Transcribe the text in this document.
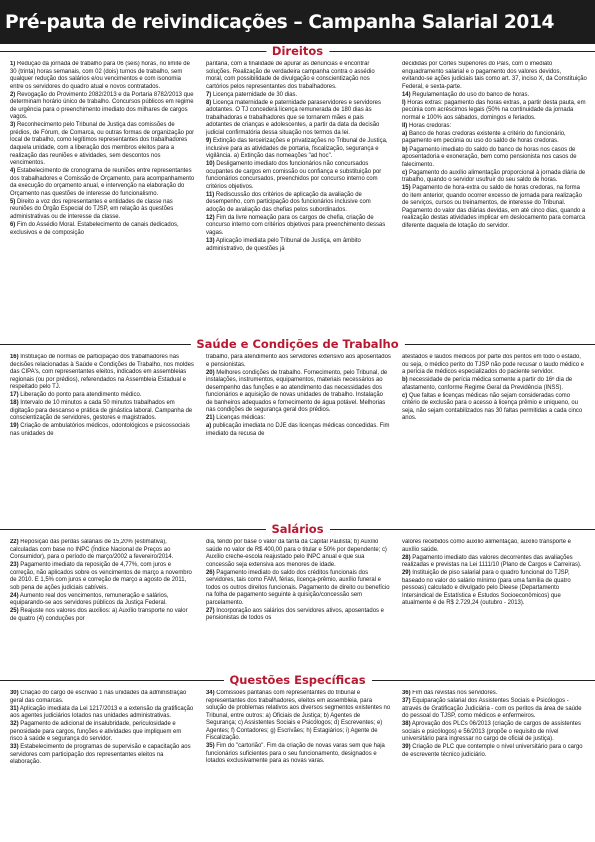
Pré-pauta de reivindicações – Campanha Salarial 2014
Direitos
1) Redução da jornada de trabalho para 06 (seis) horas, no limite de 30 (trinta) horas semanais, com 02 (dois) turnos de trabalho, sem qualquer redução dos salários e/ou vencimentos e com isonomia entre os servidores do quadro atual e novos contratados.
2) Revogação do Provimento 2082/2013 e da Portaria 8782/2013 que determinam horário único de trabalho. Concursos públicos em regime de urgência para o preenchimento imediato dos milhares de cargos vagos.
3) Reconhecimento pelo Tribunal de Justiça das comissões de prédios, de Fórum, de Comarca, ou outras formas de organização por local de trabalho, como legítimos representantes dos trabalhadores daquela unidade, com a liberação dos membros eleitos para a realização das reuniões e atividades, sem descontos nos vencimentos.
4) Estabelecimento de cronograma de reuniões entre representantes dos trabalhadores e Comissão de Orçamento, para acompanhamento da execução do orçamento anual, e intervenção na elaboração do Orçamento nas questões de interesse do funcionalismo.
5) Direito a voz dos representantes e entidades de classe nas reuniões do Órgão Especial do TJSP, em relação às questões administrativas ou de interesse da classe.
6) Fim do Assédio Moral. Estabelecimento de canais dedicados, exclusivos e de composição
paritária, com a finalidade de apurar as denúncias e encontrar soluções. Realização de verdadeira campanha contra o assédio moral, com possibilidade de divulgação e conscientização nos cartórios pelos representantes dos trabalhadores.
7) Licença paternidade de 30 dias.
8) Licença maternidade e paternidade paraservidores e servidores adotantes. O TJ concederá licença remunerada de 180 dias às trabalhadoras e trabalhadores que se tornarem mães e pais adotantes de crianças e adolescentes, a partir da data da decisão judicial confirmatória dessa situação nos termos da lei.
9) Extinção das terceirizações e privatizações no Tribunal de Justiça, inclusive para as atividades de portaria, fiscalização, segurança e vigilância. a) Extinção das nomeações "ad hoc".
10) Desligamento imediato dos funcionários não concursados ocupantes de cargos em comissão ou confiança e substituição por funcionários concursados, preenchidos por concurso interno com critérios objetivos.
11) Rediscussão dos critérios de aplicação da avaliação de desempenho, com participação dos funcionários inclusive com adoção de avaliação das chefias pelos subordinados.
12) Fim da livre nomeação para os cargos de chefia, criação de concurso interno com critérios objetivos para preenchimento dessas vagas.
13) Aplicação imediata pelo Tribunal de Justiça, em âmbito administrativo, de questões já
decididas por Cortes Superiores do País, com o imediato enquadramento salarial e o pagamento dos valores devidos, evitando-se ações judiciais tais como art. 37, inciso X, da Constituição Federal, e sexta-parte.
14) Regulamentação do uso do banco de horas.
I) Horas extras: pagamento das horas extras, a partir desta pauta, em pecúnia com acréscimos legais (50% na continuidade da jornada normal e 100% aos sábados, domingos e feriados.
II) Horas credoras:
a) Banco de horas credoras existente a critério do funcionário, pagamento em pecúnia ou uso do saldo de horas credoras.
b) Pagamento imediato do saldo do banco de horas nos casos de aposentadoria e exoneração, bem como pensionista nos casos de falecimento.
c) Pagamento do auxílio alimentação proporcional à jornada diária de trabalho, quando o servidor usufruir do seu saldo de horas.
15) Pagamento de hora-extra ou saldo de horas credoras, na forma do item anterior, quando ocorrer excesso de jornada para realização de serviços, cursos ou treinamentos, de interesse do Tribunal. Pagamento do valor das diárias devidas, em até cinco dias, quando a realização destas atividades implicar em deslocamento para comarca diferente daquela de lotação do servidor.
Saúde e Condições de Trabalho
16) Instituição de normas de participação dos trabalhadores nas decisões relacionadas à Saúde e Condições de Trabalho, nos moldes das CIPA's, com representantes eleitos, indicados em assembleias regionais (ou por prédios), referendados na Assembleia Estadual e respeitado pelo TJ.
17) Liberação do ponto para atendimento médico.
18) Intervalo de 10 minutos a cada 50 minutos trabalhados em digitação para descanso e prática de ginástica laboral. Campanha de conscientização de servidores, gestores e magistrados.
19) Criação de ambulatórios médicos, odontológicos e psicossociais nas unidades de
trabalho, para atendimento aos servidores extensivo aos aposentados e pensionistas.
20) Melhores condições de trabalho. Fornecimento, pelo Tribunal, de instalações, instrumentos, equipamentos, materiais necessários ao desempenho das funções e ao atendimento das necessidades dos funcionários e aquisição de novas unidades de trabalho. Instalação de banheiros adequados e fornecimento de água potável. Melhorias nas condições de segurança geral dos prédios.
21) Licenças médicas:
a) publicação imediata no DJE das licenças médicas concedidas. Fim imediato da recusa de
atestados e laudos médicos por parte dos peritos em todo o estado, ou seja, o médico perito do TJSP não pode recusar o laudo médico e a perícia de médicos especializados do paciente servidor.
b) necessidade de perícia médica somente a partir do 16º dia de afastamento, conforme Regime Geral da Previdência (INSS).
c) Que faltas e licenças médicas não sejam consideradas como critério de exclusão para o acesso à licença prêmio e uniqueno, ou seja, não sejam contabilizados nas 30 faltas permitidas a cada cinco anos.
Salários
22) Reposição das perdas salariais de 15,20% (estimativa), calculadas com base no INPC (Índice Nacional de Preços ao Consumidor), para o período de março/2002 a fevereiro/2014.
23) Pagamento imediato da reposição de 4,77%, com juros e correção, não aplicados sobre os vencimentos de março a novembro de 2010. E 1,5% com juros e correção de março a agosto de 2011, sob pena de ações judiciais cabíveis.
24) Aumento real dos vencimentos, remuneração e salários, equiparando-se aos servidores públicos da Justiça Federal.
25) Reajuste nos valores dos auxílios: a) Auxílio transporte no valor de quatro (4) conduções por
dia, tendo por base o valor da tarifa da Capital Paulista; b) Auxílio saúde no valor de R$ 400,00 para o titular e 50% por dependente; c) Auxílio creche-escola reajustado pelo INPC anual e que sua concessão seja extensiva aos menores de idade.
26) Pagamento imediato do saldo dos créditos funcionais dos servidores, tais como FAM, férias, licença-prêmio, auxílio funeral e todos os outros direitos funcionais. Pagamento de direito ou benefício na folha de pagamento seguinte à quisição/concessão sem parcelamento.
27) Incorporação aos salários dos servidores ativos, aposentados e pensionistas de todos os
valores recebidos como auxílio alimentação, auxílio transporte e auxílio saúde.
28) Pagamento imediato das valores decorrentes das avaliações realizadas e previstas na Lei 1111/10 (Plano de Cargos e Carreiras).
29) Instituição de piso salarial para o quadro funcional do TJSP, baseado no valor do salário mínimo (para uma família de quatro pessoas) calculado e divulgado pelo Dieese (Departamento Intersindical de Estatística e Estudos Socioeconômicos) que atualmente é de R$ 2.729,24 (outubro - 2013).
Questões Específicas
30) Criação do cargo de escrivão 1 nas unidades da administração geral das comarcas.
31) Aplicação imediata da Lei 1217/2013 e a extensão da gratificação aos agentes judiciários lotados nas unidades administrativas.
32) Pagamento de adicional de insalubridade, periculosidade e penosidade para cargos, funções e atividades que impliquem em risco à saúde e segurança do servidor.
33) Estabelecimento de programas de supervisão e capacitação aos servidores com participação dos representantes eleitos na elaboração.
34) Comissões paritárias com representantes do tribunal e representantes dos trabalhadores, eleitos em assembleia, para solução de problemas relativos aos diversos segmentos existentes no Tribunal, entre outros: a) Oficiais de Justiça; b) Agentes de Segurança; c) Assistentes Sociais e Psicólogos; d) Escreventes; e) Agentes; f) Contadores; g) Escrivães; h) Estagiários; i) Agente de Fiscalização.
35) Fim do "cartorião". Fim da criação de novas varas sem que haja funcionários suficientes para o seu funcionamento, designados e lotados exclusivamente para as novas varas.
36) Fim das revistas nos servidores.
37) Equiparação salarial dos Assistentes Sociais e Psicólogos - através de Gratificação Judiciária - com os peritos da área de saúde do pessoal do TJSP, como médicos e enfermeiros.
38) Aprovação dos PLCs 06/2013 (criação de cargos de assistentes sociais e psicólogos) e 56/2013 (propõe o requisito de nível universitário para ingressar no cargo de oficial de justiça).
39) Criação de PLC que contemple o nível universitário para o cargo de escrevente técnico judiciário.
